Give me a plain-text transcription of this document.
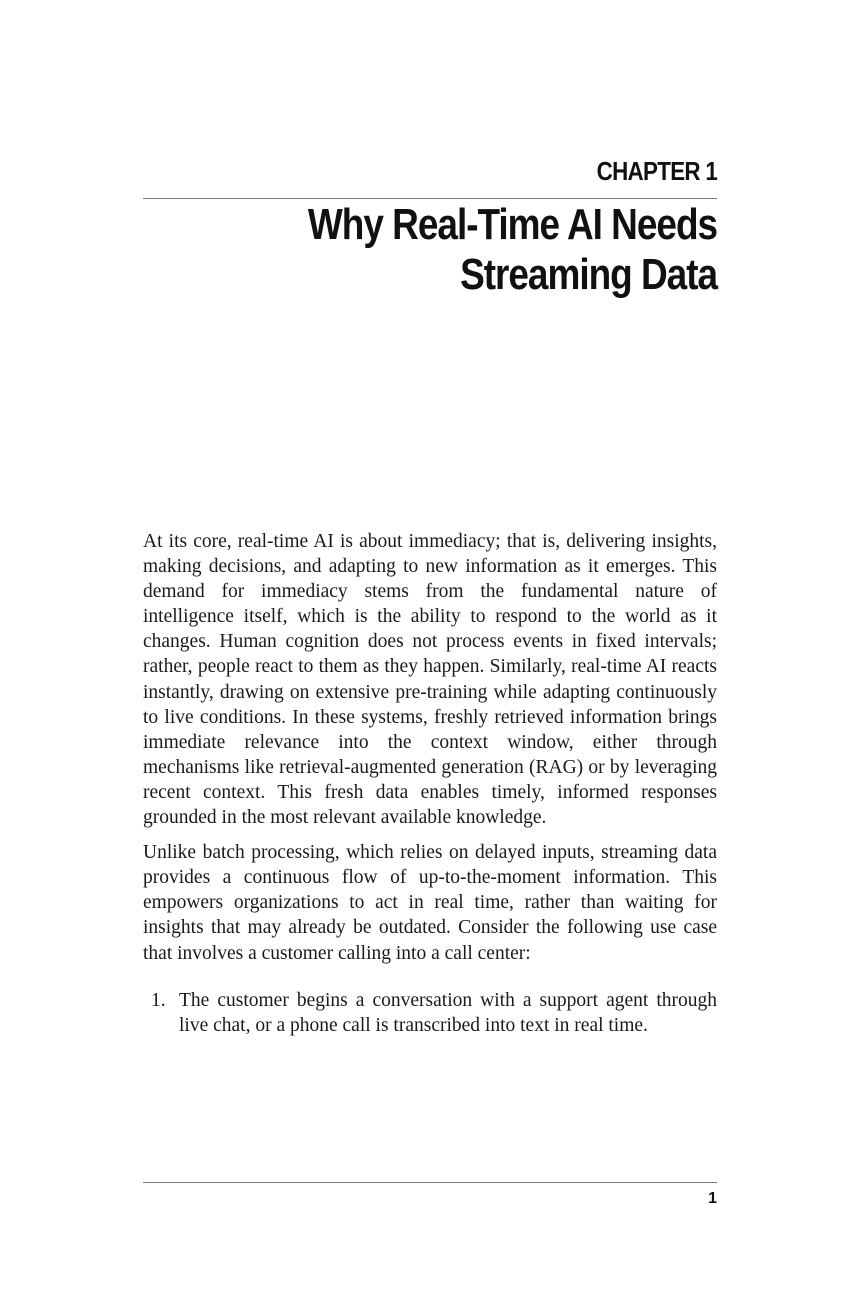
CHAPTER 1
Why Real-Time AI Needs
Streaming Data

At its core, real-time AI is about immediacy; that is, delivering insights, making decisions, and adapting to new information as it emerges. This demand for immediacy stems from the fundamental nature of intelligence itself, which is the ability to respond to the world as it changes. Human cognition does not process events in fixed intervals; rather, people react to them as they happen. Similarly, real-time AI reacts instantly, drawing on extensive pre-training while adapting continuously to live conditions. In these systems, freshly retrieved information brings immediate relevance into the context window, either through mechanisms like retrieval-augmented generation (RAG) or by leveraging recent context. This fresh data enables timely, informed responses grounded in the most relevant available knowledge.

Unlike batch processing, which relies on delayed inputs, streaming data provides a continuous flow of up-to-the-moment information. This empowers organizations to act in real time, rather than waiting for insights that may already be outdated. Consider the following use case that involves a customer calling into a call center:

1. The customer begins a conversation with a support agent through live chat, or a phone call is transcribed into text in real time.
1
